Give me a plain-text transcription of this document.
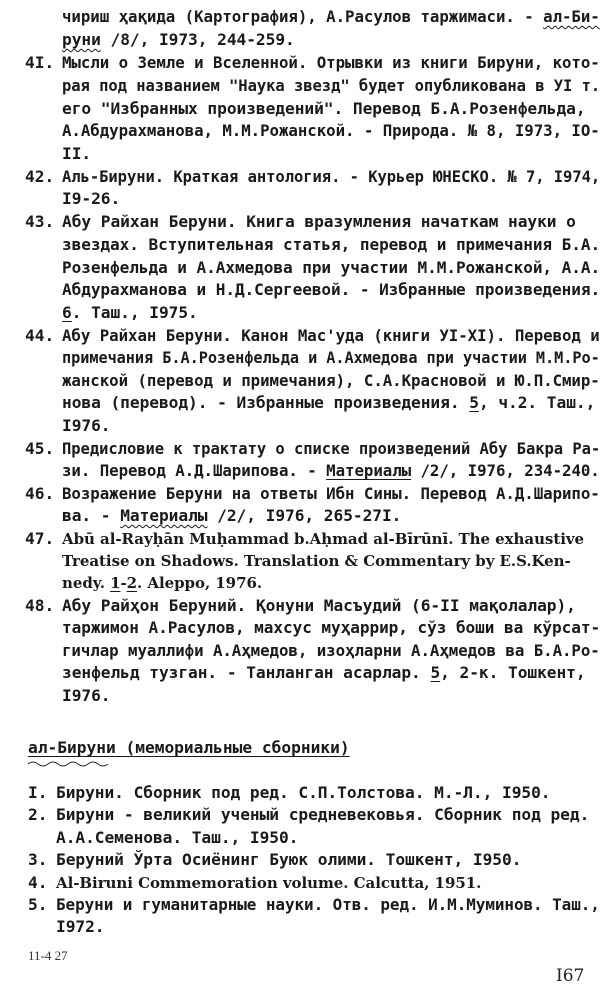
чириш ҳақида (Картография), А.Расулов таржимаси. - ал-Би-
руни /8/, I973, 244-259.
4I. Мысли о Земле и Вселенной. Отрывки из книги Бируни, кото-
рая под названием "Наука звезд" будет опубликована в УI т.
его "Избранных произведений". Перевод Б.А.Розенфельда,
А.Абдурахманова, М.М.Рожанской. - Природа. № 8, I973, IO-
II.
42. Аль-Бируни. Краткая антология. - Курьер ЮНЕСКО. № 7, I974,
I9-26.
43. Абу Райхан Беруни. Книга вразумления начаткам науки о
звездах. Вступительная статья, перевод и примечания Б.А.
Розенфельда и А.Ахмедова при участии М.М.Рожанской, А.А.
Абдурахманова и Н.Д.Сергеевой. - Избранные произведения.
6. Таш., I975.
44. Абу Райхан Беруни. Канон Мас'уда (книги УI-XI). Перевод и
примечания Б.А.Розенфельда и А.Ахмедова при участии М.М.Ро-
жанской (перевод и примечания), С.А.Красновой и Ю.П.Смир-
нова (перевод). - Избранные произведения. 5, ч.2. Таш.,
I976.
45. Предисловие к трактату о списке произведений Абу Бакра Ра-
зи. Перевод А.Д.Шарипова. - Материалы /2/, I976, 234-240.
46. Возражение Беруни на ответы Ибн Сины. Перевод А.Д.Шарипо-
ва. - Материалы /2/, I976, 265-27I.
47. Abū al-Rayḥān Muḥammad b.Aḥmad al-Bīrūnī. The exhaustive
Treatise on Shadows. Translation & Commentary by E.S.Ken-
nedy. 1-2. Aleppo, 1976.
48. Абу Райҳон Беруний. Қонуни Масъудий (6-II мақолалар),
таржимон А.Расулов, махсус муҳаррир, сўз боши ва кўрсат-
гичлар муаллифи А.Аҳмедов, изоҳларни А.Аҳмедов ва Б.А.Ро-
зенфельд тузган. - Танланган асарлар. 5, 2-к. Тошкент,
I976.
ал-Бируни (мемориальные сборники)
I. Бируни. Сборник под ред. С.П.Толстова. М.-Л., I950.
2. Бируни - великий ученый средневековья. Сборник под ред.
А.А.Семенова. Таш., I950.
3. Беруний Ўрта Осиёнинг Буюк олими. Тошкент, I950.
4. Al-Biruni Commemoration volume. Calcutta, 1951.
5. Беруни и гуманитарные науки. Отв. ред. И.М.Муминов. Таш.,
I972.
11-4 27
I67
